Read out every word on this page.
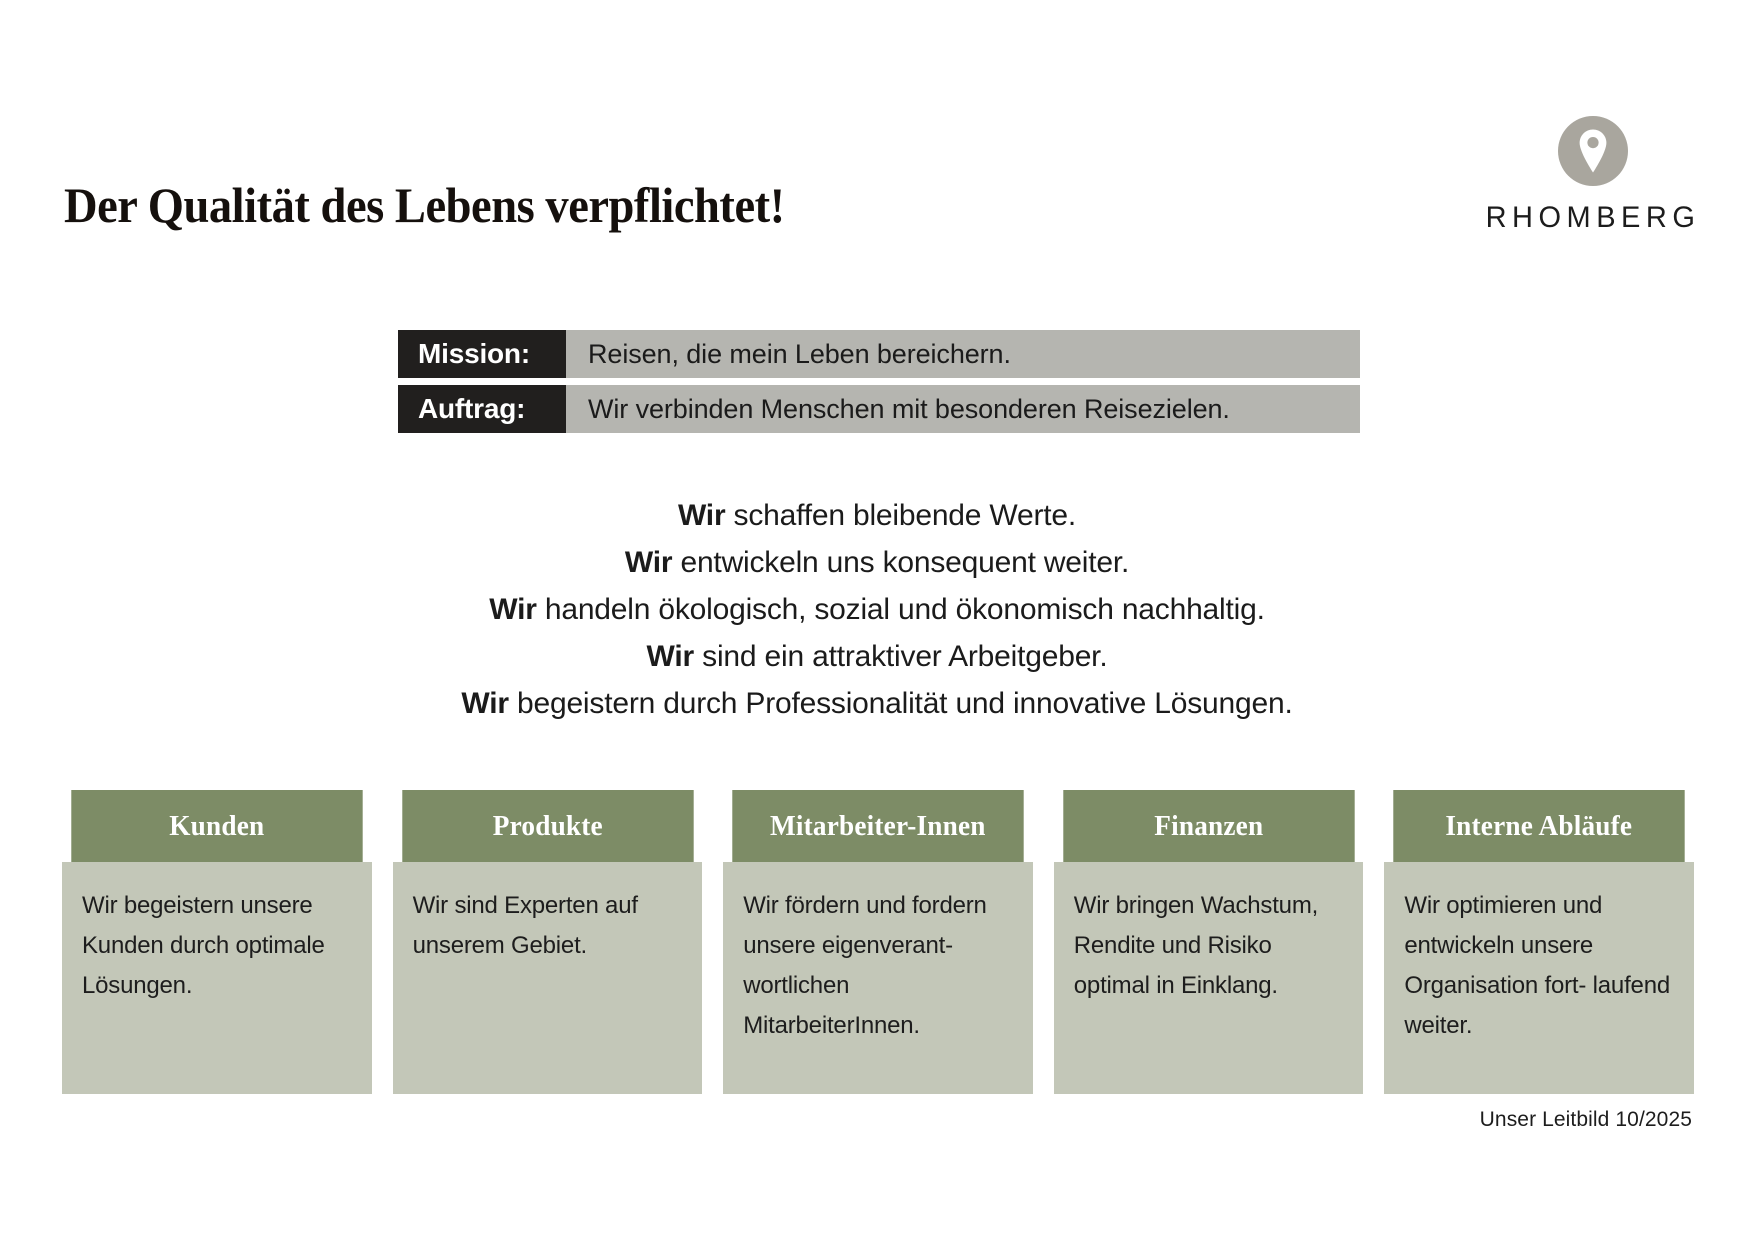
Der Qualität des Lebens verpflichtet!	RHOMBERG
Mission:	Reisen, die mein Leben bereichern.
Auftrag:	Wir verbinden Menschen mit besonderen Reisezielen.
Wir schaffen bleibende Werte.
Wir entwickeln uns konsequent weiter.
Wir handeln ökologisch, sozial und ökonomisch nachhaltig.
Wir sind ein attraktiver Arbeitgeber.
Wir begeistern durch Professionalität und innovative Lösungen.
Kunden
Wir begeistern unsere Kunden durch optimale Lösungen.
Produkte
Wir sind Experten auf unserem Gebiet.
Mitarbeiter-Innen
Wir fördern und fordern unsere eigenverant- wortlichen MitarbeiterInnen.
Finanzen
Wir bringen Wachstum, Rendite und Risiko optimal in Einklang.
Interne Abläufe
Wir optimieren und entwickeln unsere Organisation fort- laufend weiter.
Unser Leitbild 10/2025
